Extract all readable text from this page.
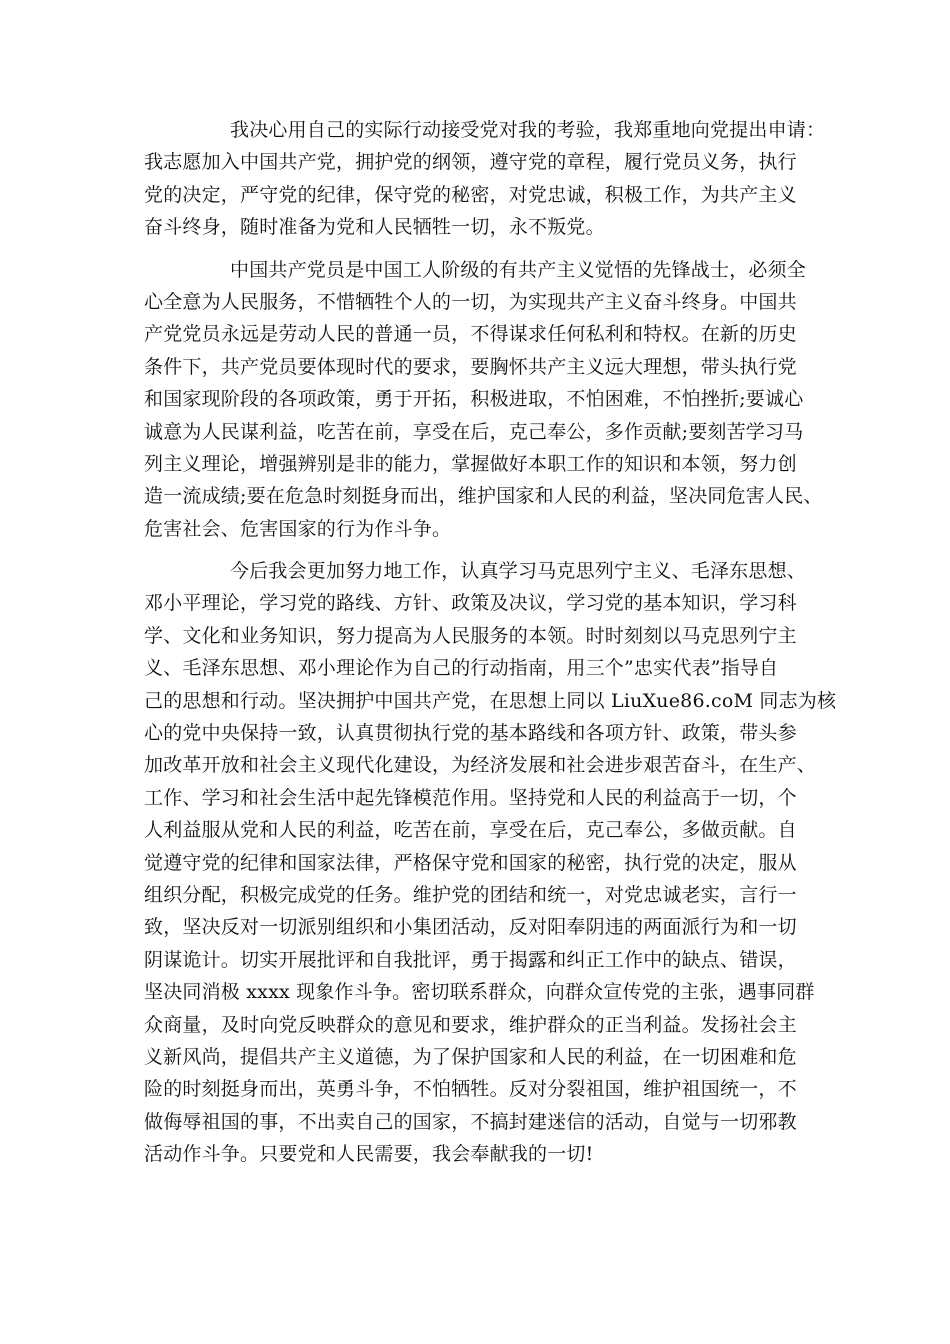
我决心用自己的实际行动接受党对我的考验，我郑重地向党提出申请：
我志愿加入中国共产党，拥护党的纲领，遵守党的章程，履行党员义务，执行
党的决定，严守党的纪律，保守党的秘密，对党忠诚，积极工作，为共产主义
奋斗终身，随时准备为党和人民牺牲一切，永不叛党。
中国共产党员是中国工人阶级的有共产主义觉悟的先锋战士，必须全
心全意为人民服务，不惜牺牲个人的一切，为实现共产主义奋斗终身。中国共
产党党员永远是劳动人民的普通一员，不得谋求任何私利和特权。在新的历史
条件下，共产党员要体现时代的要求，要胸怀共产主义远大理想，带头执行党
和国家现阶段的各项政策，勇于开拓，积极进取，不怕困难，不怕挫折;要诚心
诚意为人民谋利益，吃苦在前，享受在后，克己奉公，多作贡献;要刻苦学习马
列主义理论，增强辨别是非的能力，掌握做好本职工作的知识和本领，努力创
造一流成绩;要在危急时刻挺身而出，维护国家和人民的利益，坚决同危害人民、
危害社会、危害国家的行为作斗争。
今后我会更加努力地工作，认真学习马克思列宁主义、毛泽东思想、
邓小平理论，学习党的路线、方针、政策及决议，学习党的基本知识，学习科
学、文化和业务知识，努力提高为人民服务的本领。时时刻刻以马克思列宁主
义、毛泽东思想、邓小理论作为自己的行动指南，用三个”忠实代表”指导自
己的思想和行动。坚决拥护中国共产党，在思想上同以 LiuXue86.coM 同志为核
心的党中央保持一致，认真贯彻执行党的基本路线和各项方针、政策，带头参
加改革开放和社会主义现代化建设，为经济发展和社会进步艰苦奋斗，在生产、
工作、学习和社会生活中起先锋模范作用。坚持党和人民的利益高于一切，个
人利益服从党和人民的利益，吃苦在前，享受在后，克己奉公，多做贡献。自
觉遵守党的纪律和国家法律，严格保守党和国家的秘密，执行党的决定，服从
组织分配，积极完成党的任务。维护党的团结和统一，对党忠诚老实，言行一
致，坚决反对一切派别组织和小集团活动，反对阳奉阴违的两面派行为和一切
阴谋诡计。切实开展批评和自我批评，勇于揭露和纠正工作中的缺点、错误，
坚决同消极 xxxx 现象作斗争。密切联系群众，向群众宣传党的主张，遇事同群
众商量，及时向党反映群众的意见和要求，维护群众的正当利益。发扬社会主
义新风尚，提倡共产主义道德，为了保护国家和人民的利益，在一切困难和危
险的时刻挺身而出，英勇斗争，不怕牺牲。反对分裂祖国，维护祖国统一，不
做侮辱祖国的事，不出卖自己的国家，不搞封建迷信的活动，自觉与一切邪教
活动作斗争。只要党和人民需要，我会奉献我的一切!
